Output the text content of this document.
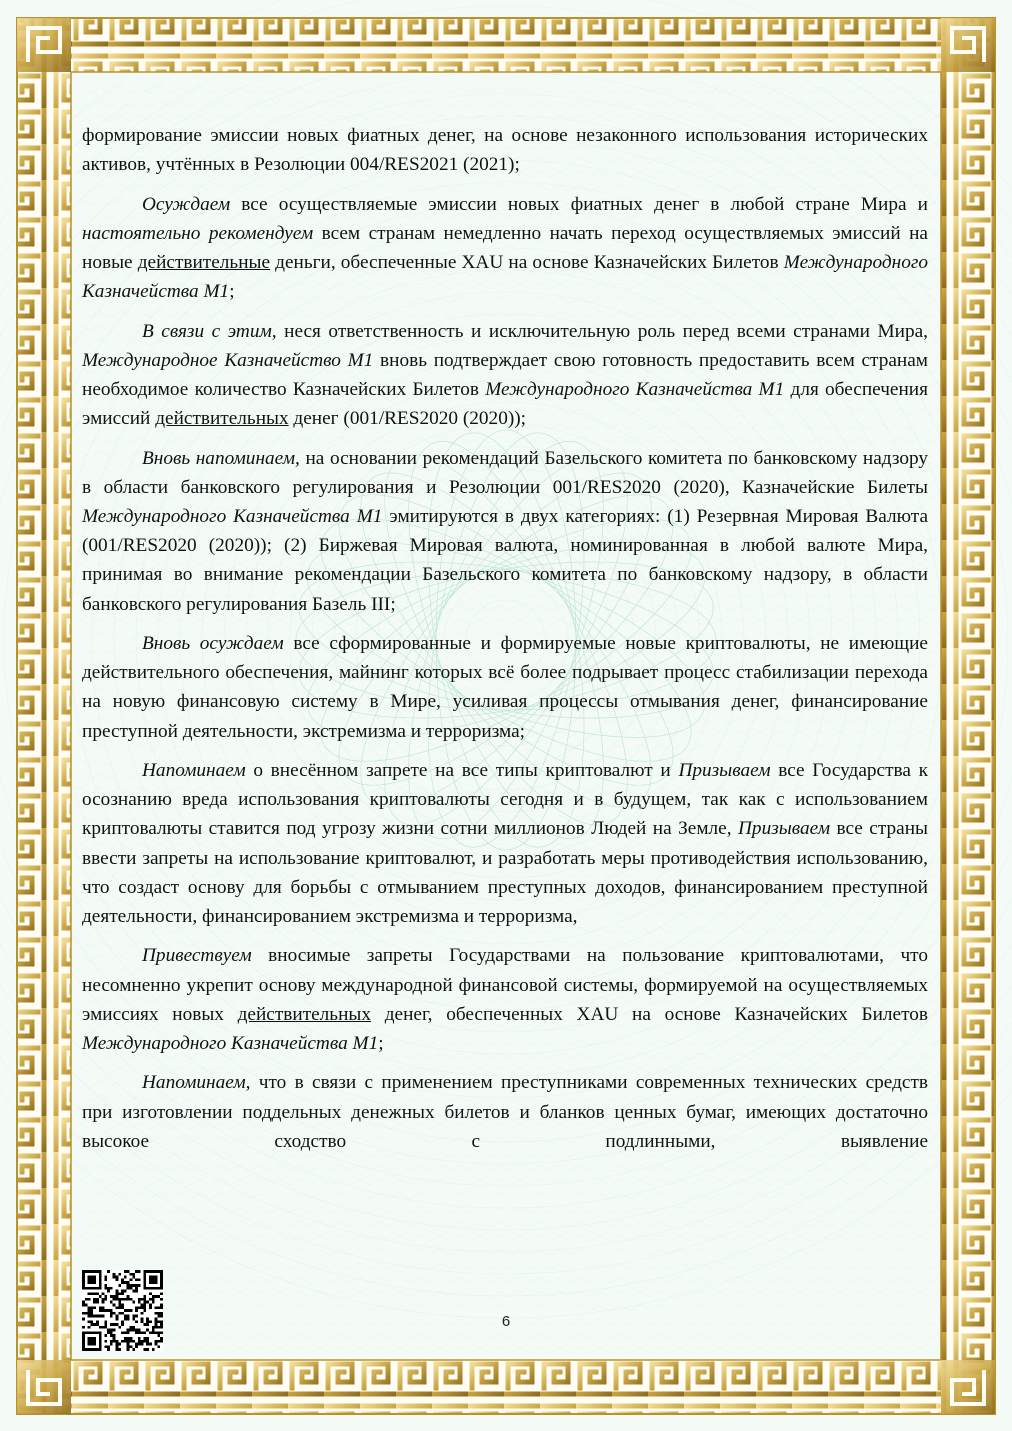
формирование эмиссии новых фиатных денег, на основе незаконного использования исторических активов, учтённых в Резолюции 004/RES2021 (2021);

Осуждаем все осуществляемые эмиссии новых фиатных денег в любой стране Мира и настоятельно рекомендуем всем странам немедленно начать переход осуществляемых эмиссий на новые действительные деньги, обеспеченные XAU на основе Казначейских Билетов Международного Казначейства М1;

В связи с этим, неся ответственность и исключительную роль перед всеми странами Мира, Международное Казначейство М1 вновь подтверждает свою готовность предоставить всем странам необходимое количество Казначейских Билетов Международного Казначейства М1 для обеспечения эмиссий действительных денег (001/RES2020 (2020));

Вновь напоминаем, на основании рекомендаций Базельского комитета по банковскому надзору в области банковского регулирования и Резолюции 001/RES2020 (2020), Казначейские Билеты Международного Казначейства М1 эмитируются в двух категориях: (1) Резервная Мировая Валюта (001/RES2020 (2020)); (2) Биржевая Мировая валюта, номинированная в любой валюте Мира, принимая во внимание рекомендации Базельского комитета по банковскому надзору, в области банковского регулирования Базель III;

Вновь осуждаем все сформированные и формируемые новые криптовалюты, не имеющие действительного обеспечения, майнинг которых всё более подрывает процесс стабилизации перехода на новую финансовую систему в Мире, усиливая процессы отмывания денег, финансирование преступной деятельности, экстремизма и терроризма;

Напоминаем о внесённом запрете на все типы криптовалют и Призываем все Государства к осознанию вреда использования криптовалюты сегодня и в будущем, так как с использованием криптовалюты ставится под угрозу жизни сотни миллионов Людей на Земле, Призываем все страны ввести запреты на использование криптовалют, и разработать меры противодействия использованию, что создаст основу для борьбы с отмыванием преступных доходов, финансированием преступной деятельности, финансированием экстремизма и терроризма,

Привествуем вносимые запреты Государствами на пользование криптовалютами, что несомненно укрепит основу международной финансовой системы, формируемой на осуществляемых эмиссиях новых действительных денег, обеспеченных XAU на основе Казначейских Билетов Международного Казначейства М1;

Напоминаем, что в связи с применением преступниками современных технических средств при изготовлении поддельных денежных билетов и бланков ценных бумаг, имеющих достаточно высокое сходство с подлинными, выявление

6
